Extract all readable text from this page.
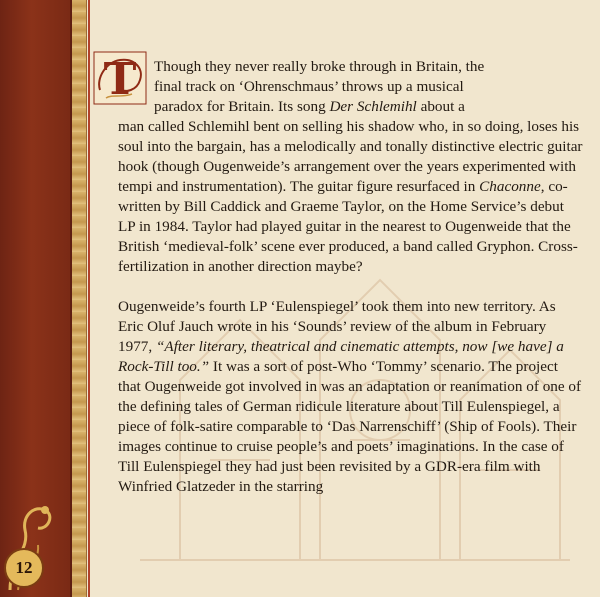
T	Though they never really broke through in Britain, the
final track on ‘Ohrenschmaus’ throws up a musical
paradox for Britain. Its song Der Schlemihl about a
man called Schlemihl bent on selling his shadow who, in so doing, loses his soul into the bargain, has a melodically and tonally distinctive electric guitar hook (though Ougenweide’s arrangement over the years experimented with tempi and instrumentation). The guitar figure resurfaced in Chaconne, co-written by Bill Caddick and Graeme Taylor, on the Home Service’s debut LP in 1984. Taylor had played guitar in the nearest to Ougenweide that the British ‘medieval-folk’ scene ever produced, a band called Gryphon. Cross-fertilization in another direction maybe?

Ougenweide’s fourth LP ‘Eulenspiegel’ took them into new territory. As Eric Oluf Jauch wrote in his ‘Sounds’ review of the album in February 1977, “After literary, theatrical and cinematic attempts, now [we have] a Rock-Till too.” It was a sort of post-Who ‘Tommy’ scenario. The project that Ougenweide got involved in was an adaptation or reanimation of one of the defining tales of German ridicule literature about Till Eulenspiegel, a piece of folk-satire comparable to ‘Das Narrenschiff’ (Ship of Fools). Their images continue to cruise people’s and poets’ imaginations. In the case of Till Eulenspiegel they had just been revisited by a GDR-era film with Winfried Glatzeder in the starring

12
